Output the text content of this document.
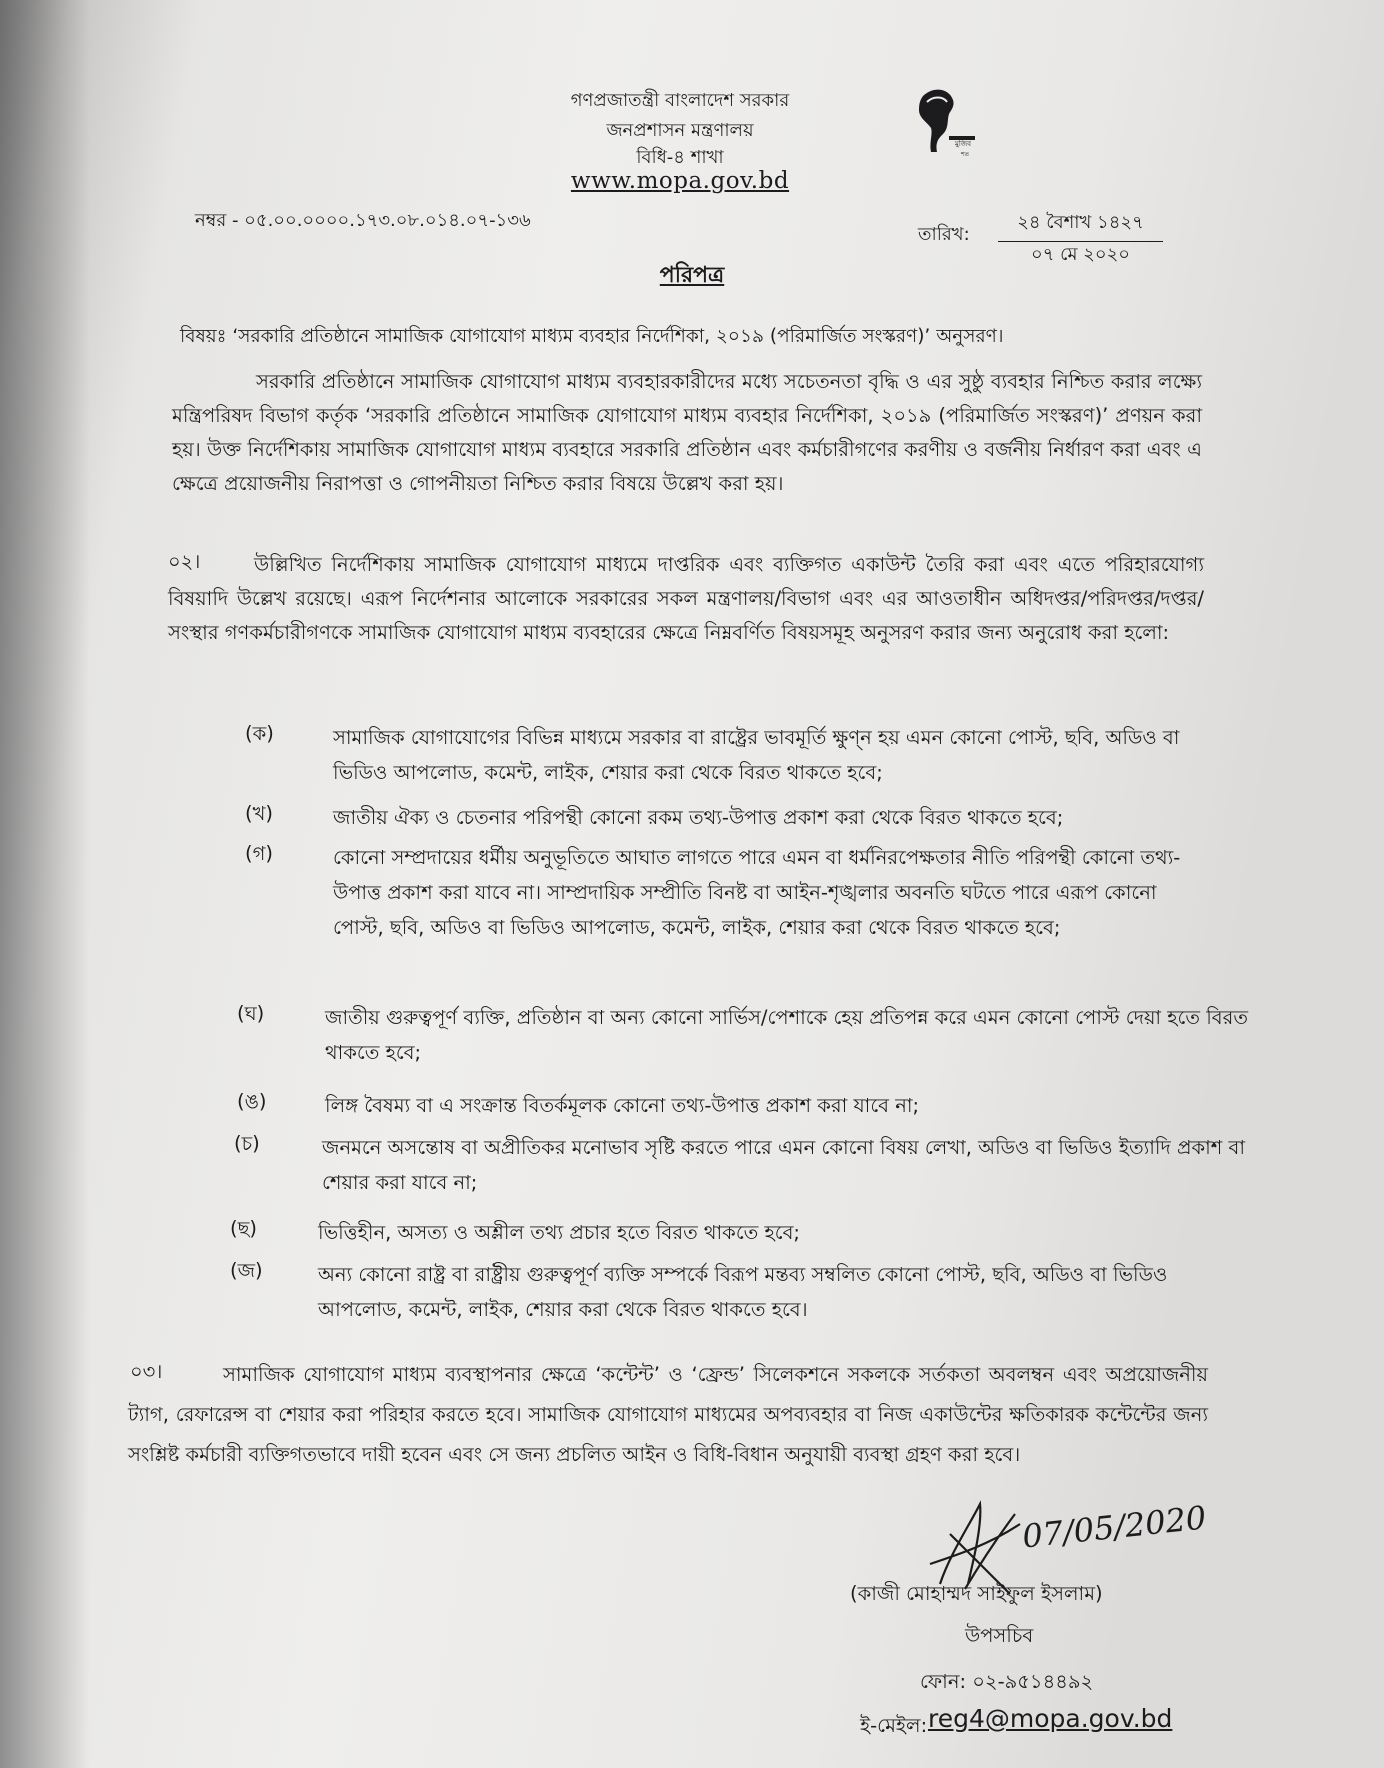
গণপ্রজাতন্ত্রী বাংলাদেশ সরকার
জনপ্রশাসন মন্ত্রণালয়
বিধি-৪ শাখা
www.mopa.gov.bd
মুজিব
শত
নম্বর - ০৫.০০.০০০০.১৭৩.০৮.০১৪.০৭-১৩৬
তারিখ:
২৪ বৈশাখ ১৪২৭
০৭ মে ২০২০
পরিপত্র
বিষয়ঃ ‘সরকারি প্রতিষ্ঠানে সামাজিক যোগাযোগ মাধ্যম ব্যবহার নির্দেশিকা, ২০১৯ (পরিমার্জিত সংস্করণ)’ অনুসরণ।
সরকারি প্রতিষ্ঠানে সামাজিক যোগাযোগ মাধ্যম ব্যবহারকারীদের মধ্যে সচেতনতা বৃদ্ধি ও এর সুষ্ঠু ব্যবহার নিশ্চিত করার লক্ষ্যে মন্ত্রিপরিষদ বিভাগ কর্তৃক ‘সরকারি প্রতিষ্ঠানে সামাজিক যোগাযোগ মাধ্যম ব্যবহার নির্দেশিকা, ২০১৯ (পরিমার্জিত সংস্করণ)’ প্রণয়ন করা হয়। উক্ত নির্দেশিকায় সামাজিক যোগাযোগ মাধ্যম ব্যবহারে সরকারি প্রতিষ্ঠান এবং কর্মচারীগণের করণীয় ও বর্জনীয় নির্ধারণ করা এবং এ ক্ষেত্রে প্রয়োজনীয় নিরাপত্তা ও গোপনীয়তা নিশ্চিত করার বিষয়ে উল্লেখ করা হয়।
০২।	উল্লিখিত নির্দেশিকায় সামাজিক যোগাযোগ মাধ্যমে দাপ্তরিক এবং ব্যক্তিগত একাউন্ট তৈরি করা এবং এতে পরিহারযোগ্য বিষয়াদি উল্লেখ রয়েছে। এরূপ নির্দেশনার আলোকে সরকারের সকল মন্ত্রণালয়/বিভাগ এবং এর আওতাধীন অধিদপ্তর/পরিদপ্তর/দপ্তর/সংস্থার গণকর্মচারীগণকে সামাজিক যোগাযোগ মাধ্যম ব্যবহারের ক্ষেত্রে নিম্নবর্ণিত বিষয়সমূহ অনুসরণ করার জন্য অনুরোধ করা হলো:
(ক)	সামাজিক যোগাযোগের বিভিন্ন মাধ্যমে সরকার বা রাষ্ট্রের ভাবমূর্তি ক্ষুণ্ন হয় এমন কোনো পোস্ট, ছবি, অডিও বা ভিডিও আপলোড, কমেন্ট, লাইক, শেয়ার করা থেকে বিরত থাকতে হবে;
(খ)	জাতীয় ঐক্য ও চেতনার পরিপন্থী কোনো রকম তথ্য-উপাত্ত প্রকাশ করা থেকে বিরত থাকতে হবে;
(গ)	কোনো সম্প্রদায়ের ধর্মীয় অনুভূতিতে আঘাত লাগতে পারে এমন বা ধর্মনিরপেক্ষতার নীতি পরিপন্থী কোনো তথ্য-উপাত্ত প্রকাশ করা যাবে না। সাম্প্রদায়িক সম্প্রীতি বিনষ্ট বা আইন-শৃঙ্খলার অবনতি ঘটতে পারে এরূপ কোনো পোস্ট, ছবি, অডিও বা ভিডিও আপলোড, কমেন্ট, লাইক, শেয়ার করা থেকে বিরত থাকতে হবে;
(ঘ)	জাতীয় গুরুত্বপূর্ণ ব্যক্তি, প্রতিষ্ঠান বা অন্য কোনো সার্ভিস/পেশাকে হেয় প্রতিপন্ন করে এমন কোনো পোস্ট দেয়া হতে বিরত থাকতে হবে;
(ঙ)	লিঙ্গ বৈষম্য বা এ সংক্রান্ত বিতর্কমূলক কোনো তথ্য-উপাত্ত প্রকাশ করা যাবে না;
(চ)	জনমনে অসন্তোষ বা অপ্রীতিকর মনোভাব সৃষ্টি করতে পারে এমন কোনো বিষয় লেখা, অডিও বা ভিডিও ইত্যাদি প্রকাশ বা শেয়ার করা যাবে না;
(ছ)	ভিত্তিহীন, অসত্য ও অশ্লীল তথ্য প্রচার হতে বিরত থাকতে হবে;
(জ)	অন্য কোনো রাষ্ট্র বা রাষ্ট্রীয় গুরুত্বপূর্ণ ব্যক্তি সম্পর্কে বিরূপ মন্তব্য সম্বলিত কোনো পোস্ট, ছবি, অডিও বা ভিডিও আপলোড, কমেন্ট, লাইক, শেয়ার করা থেকে বিরত থাকতে হবে।
০৩।	সামাজিক যোগাযোগ মাধ্যম ব্যবস্থাপনার ক্ষেত্রে ‘কন্টেন্ট’ ও ‘ফ্রেন্ড’ সিলেকশনে সকলকে সর্তকতা অবলম্বন এবং অপ্রয়োজনীয় ট্যাগ, রেফারেন্স বা শেয়ার করা পরিহার করতে হবে। সামাজিক যোগাযোগ মাধ্যমের অপব্যবহার বা নিজ একাউন্টের ক্ষতিকারক কন্টেন্টের জন্য সংশ্লিষ্ট কর্মচারী ব্যক্তিগতভাবে দায়ী হবেন এবং সে জন্য প্রচলিত আইন ও বিধি-বিধান অনুযায়ী ব্যবস্থা গ্রহণ করা হবে।
07/05/2020
(কাজী মোহাম্মদ সাইফুল ইসলাম)
উপসচিব
ফোন: ০২-৯৫১৪৪৯২
ই-মেইল: reg4@mopa.gov.bd
